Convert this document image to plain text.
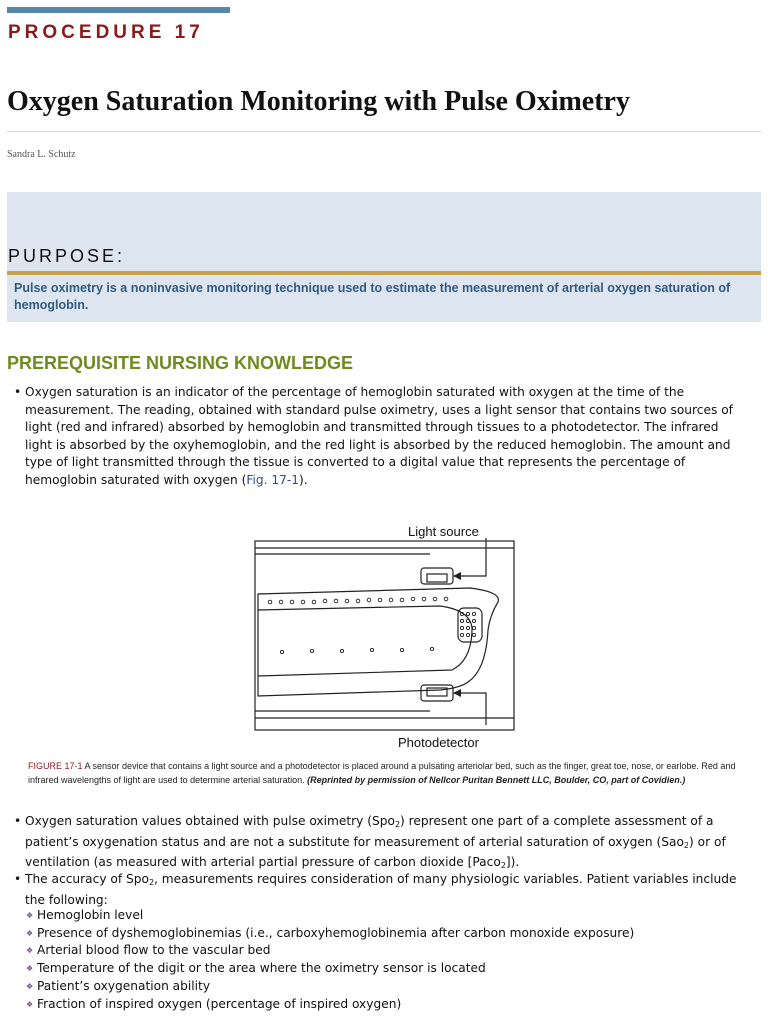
PROCEDURE 17
Oxygen Saturation Monitoring with Pulse Oximetry
Sandra L. Schutz
PURPOSE:
Pulse oximetry is a noninvasive monitoring technique used to estimate the measurement of arterial oxygen saturation of hemoglobin.
PREREQUISITE NURSING KNOWLEDGE

• Oxygen saturation is an indicator of the percentage of hemoglobin saturated with oxygen at the time of the measurement. The reading, obtained with standard pulse oximetry, uses a light sensor that contains two sources of light (red and infrared) absorbed by hemoglobin and transmitted through tissues to a photodetector. The infrared light is absorbed by the oxyhemoglobin, and the red light is absorbed by the reduced hemoglobin. The amount and type of light transmitted through the tissue is converted to a digital value that represents the percentage of hemoglobin saturated with oxygen (Fig. 17-1).

Light source
Photodetector
FIGURE 17-1 A sensor device that contains a light source and a photodetector is placed around a pulsating arteriolar bed, such as the finger, great toe, nose, or earlobe. Red and infrared wavelengths of light are used to determine arterial saturation. (Reprinted by permission of Nellcor Puritan Bennett LLC, Boulder, CO, part of Covidien.)

• Oxygen saturation values obtained with pulse oximetry (Spo$_2$) represent one part of a complete assessment of a patient’s oxygenation status and are not a substitute for measurement of arterial saturation of oxygen (Sao$_2$) or of ventilation (as measured with arterial partial pressure of carbon dioxide [Paco$_2$]).

• The accuracy of Spo$_2$, measurements requires consideration of many physiologic variables. Patient variables include the following:

❖ Hemoglobin level
❖ Presence of dyshemoglobinemias (i.e., carboxyhemoglobinemia after carbon monoxide exposure)
❖ Arterial blood flow to the vascular bed
❖ Temperature of the digit or the area where the oximetry sensor is located
❖ Patient’s oxygenation ability
❖ Fraction of inspired oxygen (percentage of inspired oxygen)
